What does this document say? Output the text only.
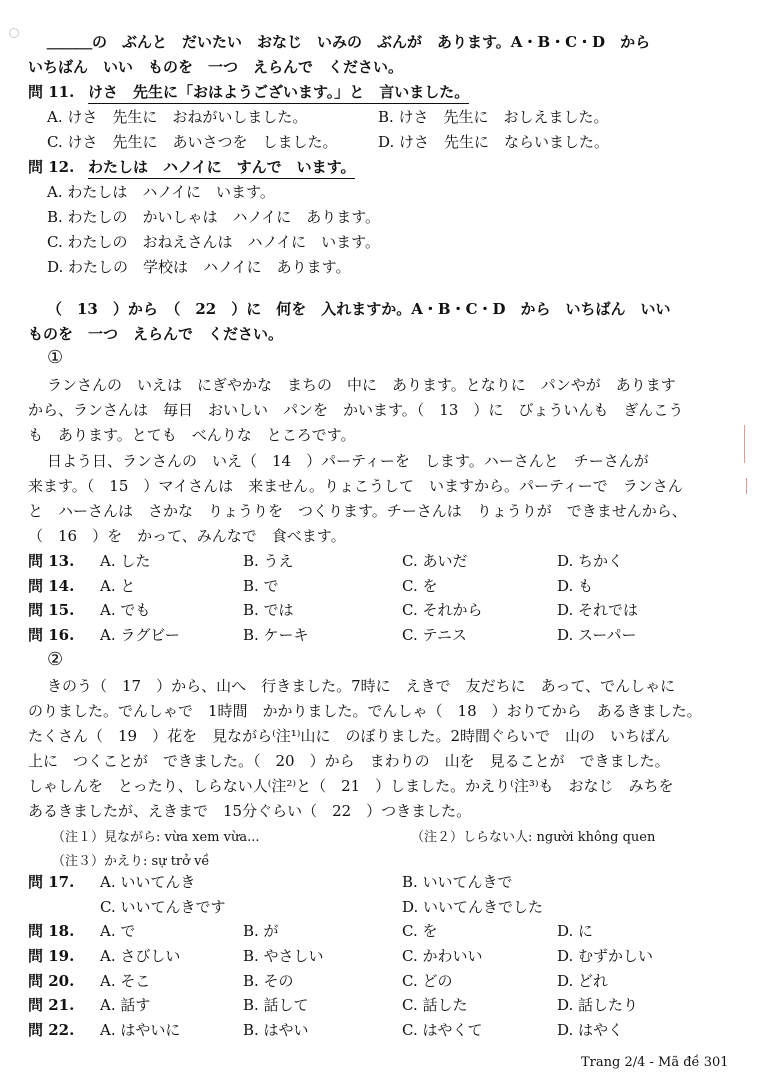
＿＿＿の　ぶんと　だいたい　おなじ　いみの　ぶんが　あります。A・B・C・D　から
いちばん　いい　ものを　一つ　えらんで　ください。
問 11. けさ　先生に「おはようございます。」と　言いました。
A. けさ　先生に　おねがいしました。	B. けさ　先生に　おしえました。
C. けさ　先生に　あいさつを　しました。	D. けさ　先生に　ならいました。
問 12. わたしは　ハノイに　すんで　います。
A. わたしは　ハノイに　います。
B. わたしの　かいしゃは　ハノイに　あります。
C. わたしの　おねえさんは　ハノイに　います。
D. わたしの　学校は　ハノイに　あります。
（　13　）から　（　22　）に　何を　入れますか。A・B・C・D　から　いちばん　いい
ものを　一つ　えらんで　ください。
①
ランさんの　いえは　にぎやかな　まちの　中に　あります。となりに　パンやが　あります
から、ランさんは　毎日　おいしい　パンを　かいます。（　13　）に　びょういんも　ぎんこう
も　あります。とても　べんりな　ところです。
日よう日、ランさんの　いえ（　14　）パーティーを　します。ハーさんと　チーさんが
来ます。（　15　）マイさんは　来ません。りょこうして　いますから。パーティーで　ランさん
と　ハーさんは　さかな　りょうりを　つくります。チーさんは　りょうりが　できませんから、
（　16　）を　かって、みんなで　食べます。
問 13. A. した	B. うえ	C. あいだ	D. ちかく
問 14. A. と	B. で	C. を	D. も
問 15. A. でも	B. では	C. それから	D. それでは
問 16. A. ラグビー	B. ケーキ	C. テニス	D. スーパー
②
きのう（　17　）から、山へ　行きました。7時に　えきで　友だちに　あって、でんしゃに
のりました。でんしゃで　1時間　かかりました。でんしゃ（　18　）おりてから　あるきました。
たくさん（　19　）花を　見ながら⁽注¹⁾山に　のぼりました。2時間ぐらいで　山の　いちばん
上に　つくことが　できました。（　20　）から　まわりの　山を　見ることが　できました。
しゃしんを　とったり、しらない人⁽注²⁾と（　21　）しました。かえり⁽注³⁾も　おなじ　みちを
あるきましたが、えきまで　15分ぐらい（　22　）つきました。
（注１）見ながら: vừa xem vừa...	（注２）しらない人: người không quen
（注３）かえり: sự trở về
問 17. A. いいてんき	B. いいてんきで
C. いいてんきです	D. いいてんきでした
問 18. A. で	B. が	C. を	D. に
問 19. A. さびしい	B. やさしい	C. かわいい	D. むずかしい
問 20. A. そこ	B. その	C. どの	D. どれ
問 21. A. 話す	B. 話して	C. 話した	D. 話したり
問 22. A. はやいに	B. はやい	C. はやくて	D. はやく
Trang 2/4 - Mã đề 301
